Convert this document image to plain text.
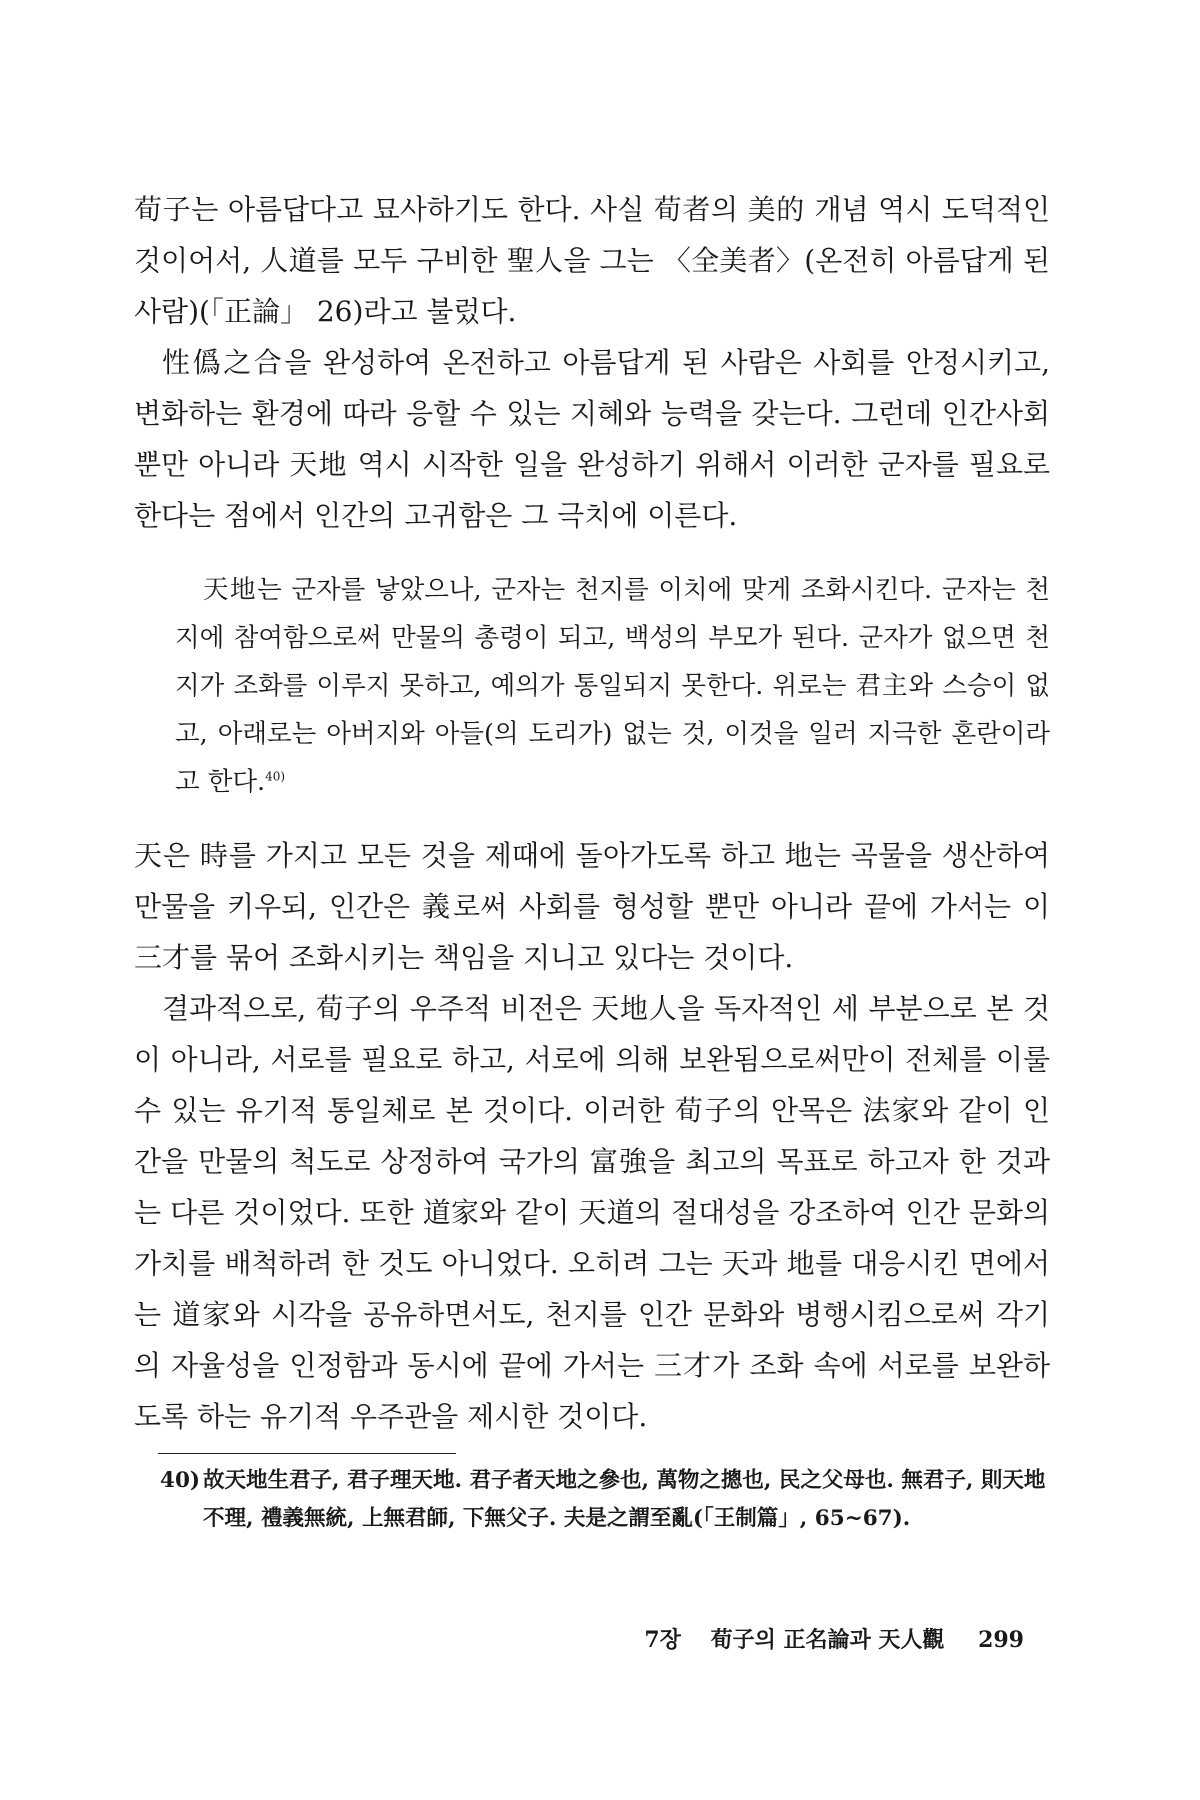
荀子는 아름답다고 묘사하기도 한다. 사실 荀者의 美的 개념 역시 도덕적인 것이어서, 人道를 모두 구비한 聖人을 그는 〈全美者〉(온전히 아름답게 된 사람)(「正論」 26)라고 불렀다.

性僞之合을 완성하여 온전하고 아름답게 된 사람은 사회를 안정시키고, 변화하는 환경에 따라 응할 수 있는 지혜와 능력을 갖는다. 그런데 인간사회 뿐만 아니라 天地 역시 시작한 일을 완성하기 위해서 이러한 군자를 필요로 한다는 점에서 인간의 고귀함은 그 극치에 이른다.

天地는 군자를 낳았으나, 군자는 천지를 이치에 맞게 조화시킨다. 군자는 천지에 참여함으로써 만물의 총령이 되고, 백성의 부모가 된다. 군자가 없으면 천지가 조화를 이루지 못하고, 예의가 통일되지 못한다. 위로는 君主와 스승이 없고, 아래로는 아버지와 아들(의 도리가) 없는 것, 이것을 일러 지극한 혼란이라고 한다.$^{40)}$

天은 時를 가지고 모든 것을 제때에 돌아가도록 하고 地는 곡물을 생산하여 만물을 키우되, 인간은 義로써 사회를 형성할 뿐만 아니라 끝에 가서는 이 三才를 묶어 조화시키는 책임을 지니고 있다는 것이다.

결과적으로, 荀子의 우주적 비전은 天地人을 독자적인 세 부분으로 본 것이 아니라, 서로를 필요로 하고, 서로에 의해 보완됨으로써만이 전체를 이룰 수 있는 유기적 통일체로 본 것이다. 이러한 荀子의 안목은 法家와 같이 인간을 만물의 척도로 상정하여 국가의 富強을 최고의 목표로 하고자 한 것과는 다른 것이었다. 또한 道家와 같이 天道의 절대성을 강조하여 인간 문화의 가치를 배척하려 한 것도 아니었다. 오히려 그는 天과 地를 대응시킨 면에서는 道家와 시각을 공유하면서도, 천지를 인간 문화와 병행시킴으로써 각기의 자율성을 인정함과 동시에 끝에 가서는 三才가 조화 속에 서로를 보완하도록 하는 유기적 우주관을 제시한 것이다.

40) 故天地生君子, 君子理天地. 君子者天地之參也, 萬物之摠也, 民之父母也. 無君子, 則天地不理, 禮義無統, 上無君師, 下無父子. 夫是之謂至亂(「王制篇」, 65~67).
7장 荀子의 正名論과 天人觀 299
